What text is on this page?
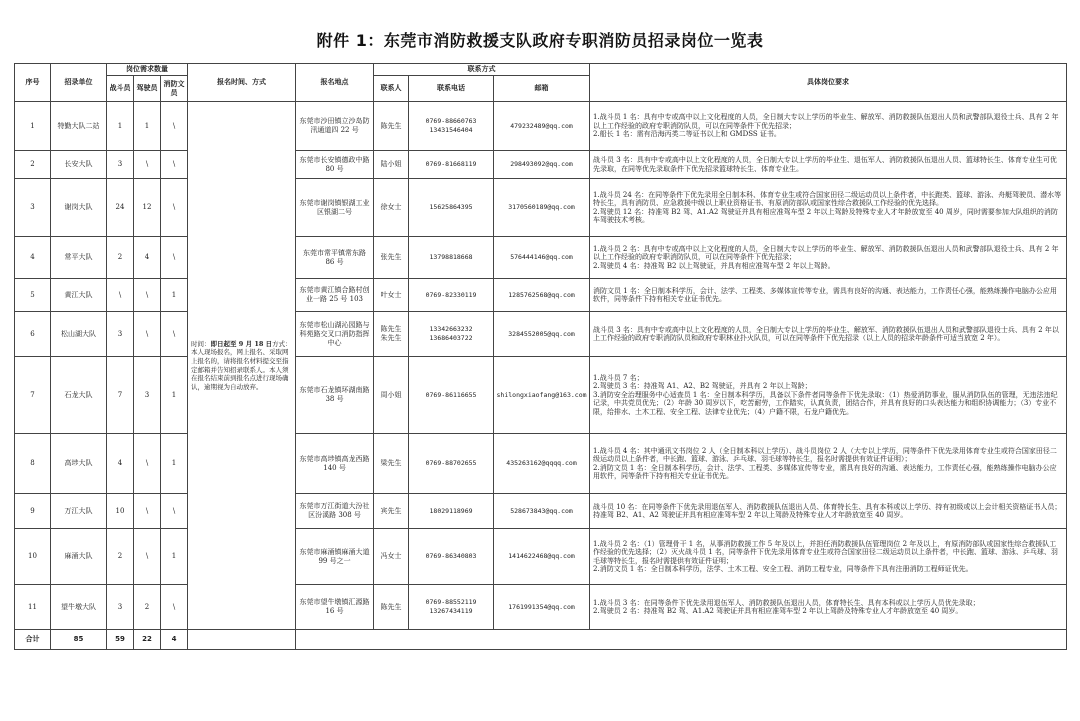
附件 1：东莞市消防救援支队政府专职消防员招录岗位一览表
序号	招录单位	岗位需求数量			报名时间、方式	报名地点	联系方式			具体岗位要求
		战斗员	驾驶员	消防文员			联系人	联系电话	邮箱	
1	特勤大队二站	1	1	\	时间：即日起至 9 月 18 日方式：本人现场报名，网上报名、采取网上报名的，请将报名材料提交至指定邮箱并告知招录联系人。本人须在报名结束前到报名点进行现场确认，逾期视为自动放弃。	东莞市沙田镇立沙岛防汛通道四 22 号	陈先生	0769-88660763 13431546404	479232489@qq.com	1.战斗员 1 名：具有中专或高中以上文化程度的人员，全日制大专以上学历的毕业生、解放军、消防救援队伍退出人员和武警部队退役士兵、具有 2 年以上工作经验的政府专职消防队员，可以在同等条件下优先招录；
2.船长 1 名：需有沿海丙类二等证书以上和 GMDSS 证书。

2	长安大队	3	\	\		东莞市长安镇德政中路 80 号	陆小姐	0769-81668119	298493092@qq.com	战斗员 3 名：具有中专或高中以上文化程度的人员，全日制大专以上学历的毕业生、退伍军人、消防救援队伍退出人员、篮球特长生、体育专业生可优先录取，在同等优先录取条件下优先招录篮球特长生、体育专业生。

3	谢岗大队	24	12	\		东莞市谢岗镇银湖工业区银湖二号	徐女士	15625864395	3170560189@qq.com	1.战斗员 24 名：在同等条件下优先录用全日制本科、体育专业生或符合国家田径二级运动员以上条件者，中长跑类、篮球、游泳、舟艇驾驶员、潜水等特长生，具有消防员、应急救援中级以上职业资格证书、有原消防部队或国家性综合救援队工作经验的优先选择。
2.驾驶员 12 名：持准驾 B2 驾、A1.A2 驾驶证并具有相应准驾车型 2 年以上驾龄及特殊专业人才年龄放宽至 40 周岁，同时需要参加大队组织的消防车驾驶技术考核。

4	常平大队	2	4	\		东莞市常平镇常东路 86 号	张先生	13798818668	576444146@qq.com	1.战斗员 2 名：具有中专或高中以上文化程度的人员，全日制大专以上学历的毕业生、解放军、消防救援队伍退出人员和武警部队退役士兵、具有 2 年以上工作经验的政府专职消防队员，可以在同等条件下优先招录；
2.驾驶员 4 名：持准驾 B2 以上驾驶证，并具有相应准驾车型 2 年以上驾龄。

5	黄江大队	\	\	1		东莞市黄江镇合路村创业一路 25 号 103	叶女士	0769-82330119	1285762568@qq.com	消防文员 1 名：全日制本科学历，会计、法学、工程类、多媒体宣传等专业，需具有良好的沟通、表达能力，工作责任心强，能熟练操作电脑办公应用软件，同等条件下持有相关专业证书优先。

6	松山湖大队	3	\	\		东莞市松山湖沁园路与科苑路交叉口消防指挥中心	陈先生 朱先生	13342663232 13686403722	3284552005@qq.com	战斗员 3 名：具有中专或高中以上文化程度的人员，全日制大专以上学历的毕业生、解放军、消防救援队伍退出人员和武警部队退役士兵、具有 2 年以上工作经验的政府专职消防队员和政府专职林业扑火队员，可以在同等条件下优先招录（以上人员的招录年龄条件可适当放宽 2 年）。

7	石龙大队	7	3	1		东莞市石龙镇环湖南路 38 号	周小姐	0769-86116655	shilongxiaofang@163.com	1.战斗员 7 名；
2.驾驶员 3 名：持准驾 A1、A2、B2 驾驶证，并具有 2 年以上驾龄；
3.消防安全治理服务中心适查员 1 名：全日制本科学历，具备以下条件者同等条件下优先录取：（1）热爱消防事业，服从消防队伍的管理，无违法违纪记录，中共党员优先；（2）年龄 30 周岁以下，吃苦耐劳，工作踏实，认真负责，团结合作，并具有良好的口头表达能力和组织协调能力；（3）专业不限，给排水、土木工程、安全工程、法律专业优先；（4）户籍不限，石龙户籍优先。

8	高埗大队	4	\	1		东莞市高埗镇高龙西路 140 号	梁先生	0769-88702655	435263162@qqqq.com	1.战斗员 4 名：其中通讯文书岗位 2 人（全日制本科以上学历）、战斗员岗位 2 人（大专以上学历，同等条件下优先录用体育专业生或符合国家田径二级运动员以上条件者，中长跑、篮球、游泳、乒乓球、羽毛球等特长生，报名时需提供有效证件证明）；
2.消防文员 1 名：全日制本科学历，会计、法学、工程类、多媒体宣传等专业，需具有良好的沟通、表达能力，工作责任心强，能熟练操作电脑办公应用软件，同等条件下持有相关专业证书优先。

9	万江大队	10	\	\		东莞市万江街道大汾社区汾溪路 308 号	宾先生	18029118969	528673843@qq.com	战斗员 10 名：在同等条件下优先录用退伍军人、消防救援队伍退出人员、体育特长生、具有本科或以上学历、持有初级或以上会计相关资格证书人员；持准驾 B2、A1、A2 驾驶证并具有相应准驾车型 2 年以上驾龄及特殊专业人才年龄放宽至 40 周岁。

10	麻涌大队	2	\	1		东莞市麻涌镇麻涌大道 99 号之一	冯女士	0769-86340803	1414622468@qq.com	1.战斗员 2 名：（1）管理骨干 1 名，从事消防救援工作 5 年及以上，并担任消防救援队伍管理岗位 2 年及以上，有原消防部队或国家性综合救援队工作经验的优先选择；（2）灭火战斗员 1 名，同等条件下优先录用体育专业生或符合国家田径二级运动员以上条件者，中长跑、篮球、游泳、乒乓球、羽毛球等特长生，报名时需提供有效证件证明；
2.消防文员 1 名：全日制本科学历，法学、土木工程、安全工程、消防工程专业，同等条件下具有注册消防工程师证优先。

11	望牛墩大队	3	2	\		东莞市望牛墩镇汇源路 16 号	陈先生	0769-88552119 13267434119	1761991354@qq.com	1.战斗员 3 名：在同等条件下优先录用退伍军人、消防救援队伍退出人员，体育特长生、具有本科或以上学历人员优先录取；
2.驾驶员 2 名：持准驾 B2 驾、A1.A2 驾驶证并具有相应准驾车型 2 年以上驾龄及特殊专业人才年龄放宽至 40 周岁。

合计	85	59	22	4						
